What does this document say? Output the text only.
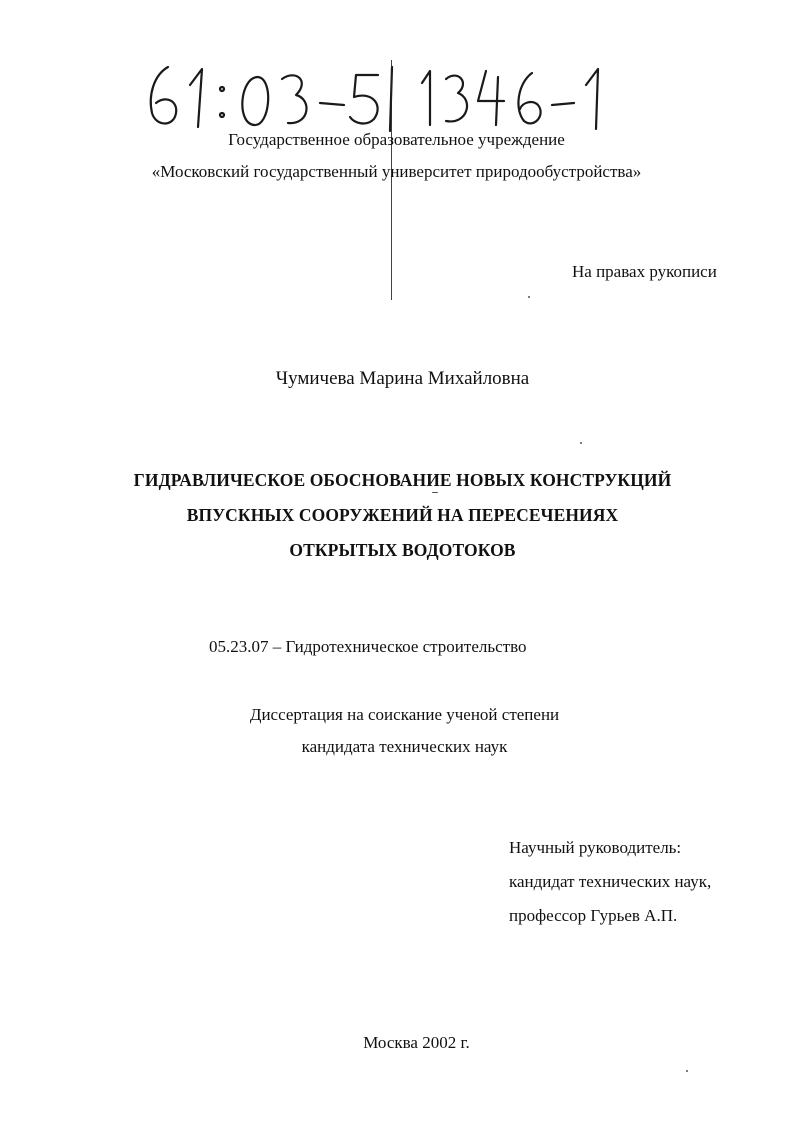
Государственное образовательное учреждение
«Московский государственный университет природообустройства»
На правах рукописи
Чумичева Марина Михайловна
ГИДРАВЛИЧЕСКОЕ ОБОСНОВАНИЕ НОВЫХ КОНСТРУКЦИЙ
ВПУСКНЫХ СООРУЖЕНИЙ НА ПЕРЕСЕЧЕНИЯХ
ОТКРЫТЫХ ВОДОТОКОВ
05.23.07 – Гидротехническое строительство
Диссертация на соискание ученой степени
кандидата технических наук
Научный руководитель:
кандидат технических наук,
профессор Гурьев А.П.
Москва 2002 г.
